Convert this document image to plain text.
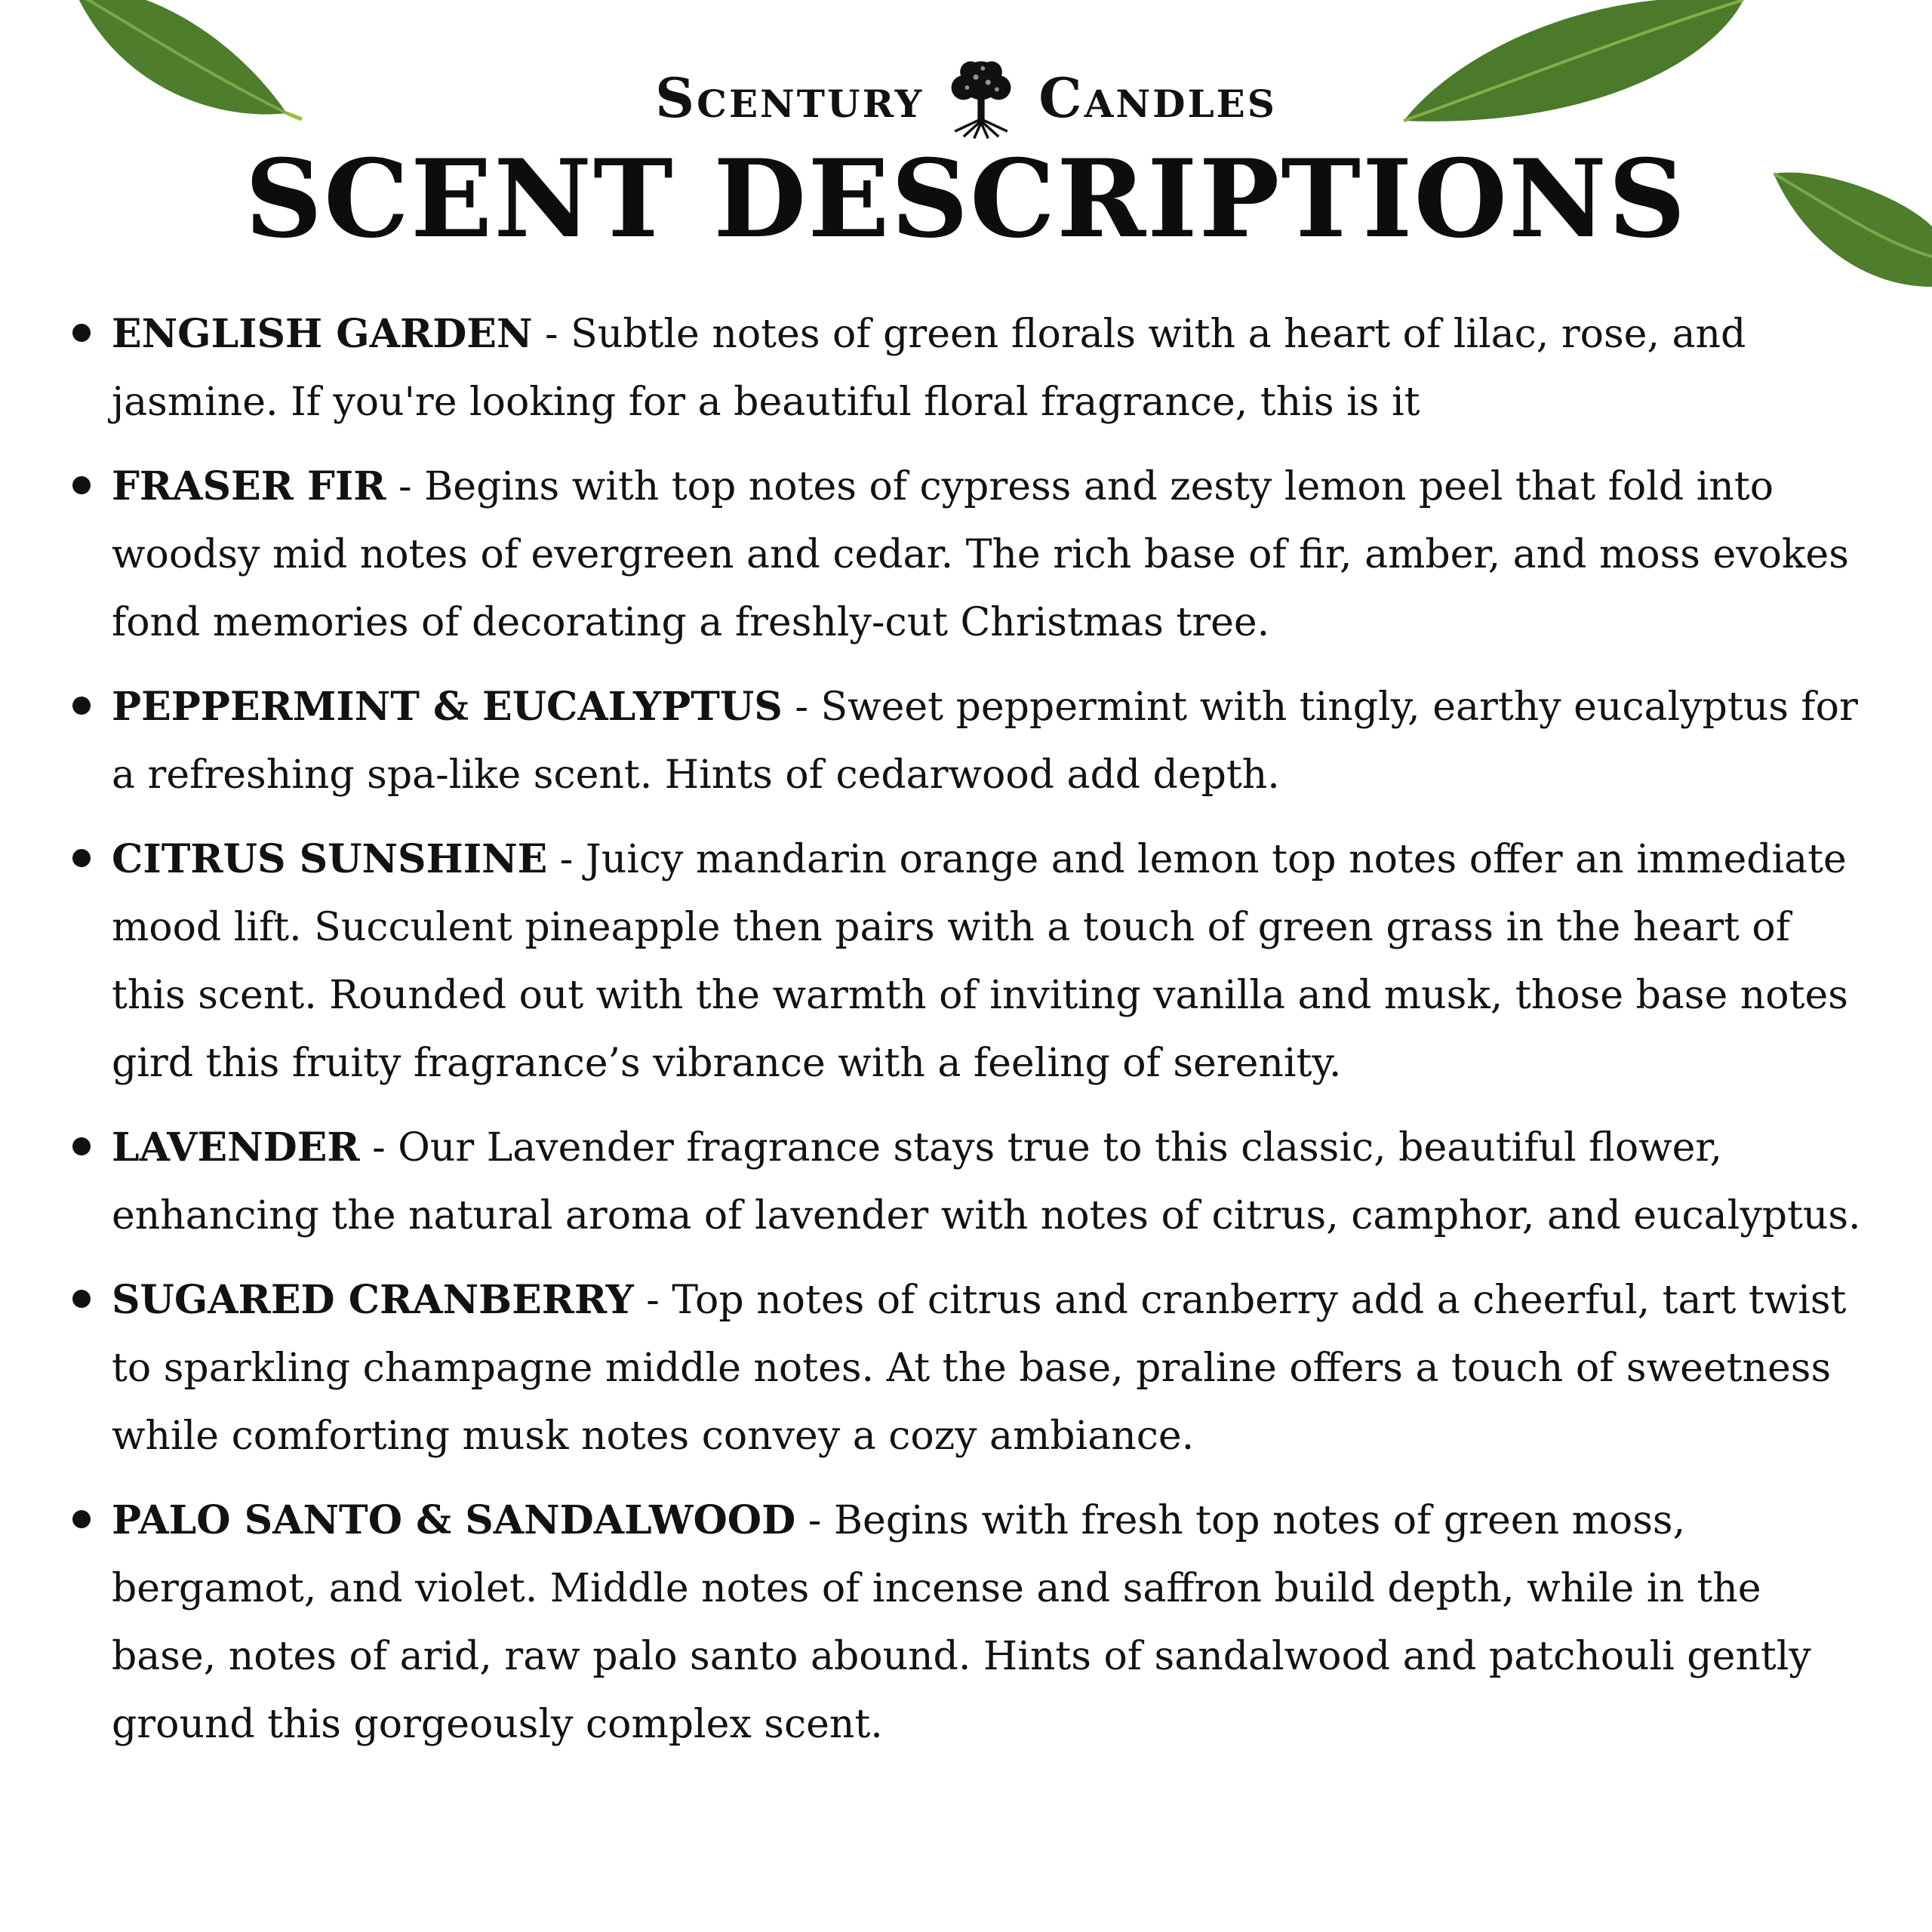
Scentury Candles
SCENT DESCRIPTIONS
ENGLISH GARDEN - Subtle notes of green florals with a heart of lilac, rose, and jasmine. If you're looking for a beautiful floral fragrance, this is it
FRASER FIR - Begins with top notes of cypress and zesty lemon peel that fold into woodsy mid notes of evergreen and cedar. The rich base of fir, amber, and moss evokes fond memories of decorating a freshly-cut Christmas tree.
PEPPERMINT & EUCALYPTUS - Sweet peppermint with tingly, earthy eucalyptus for a refreshing spa-like scent. Hints of cedarwood add depth.
CITRUS SUNSHINE - Juicy mandarin orange and lemon top notes offer an immediate mood lift. Succulent pineapple then pairs with a touch of green grass in the heart of this scent. Rounded out with the warmth of inviting vanilla and musk, those base notes gird this fruity fragrance’s vibrance with a feeling of serenity.
LAVENDER - Our Lavender fragrance stays true to this classic, beautiful flower, enhancing the natural aroma of lavender with notes of citrus, camphor, and eucalyptus.
SUGARED CRANBERRY - Top notes of citrus and cranberry add a cheerful, tart twist to sparkling champagne middle notes. At the base, praline offers a touch of sweetness while comforting musk notes convey a cozy ambiance.
PALO SANTO & SANDALWOOD - Begins with fresh top notes of green moss, bergamot, and violet. Middle notes of incense and saffron build depth, while in the base, notes of arid, raw palo santo abound. Hints of sandalwood and patchouli gently ground this gorgeously complex scent.
